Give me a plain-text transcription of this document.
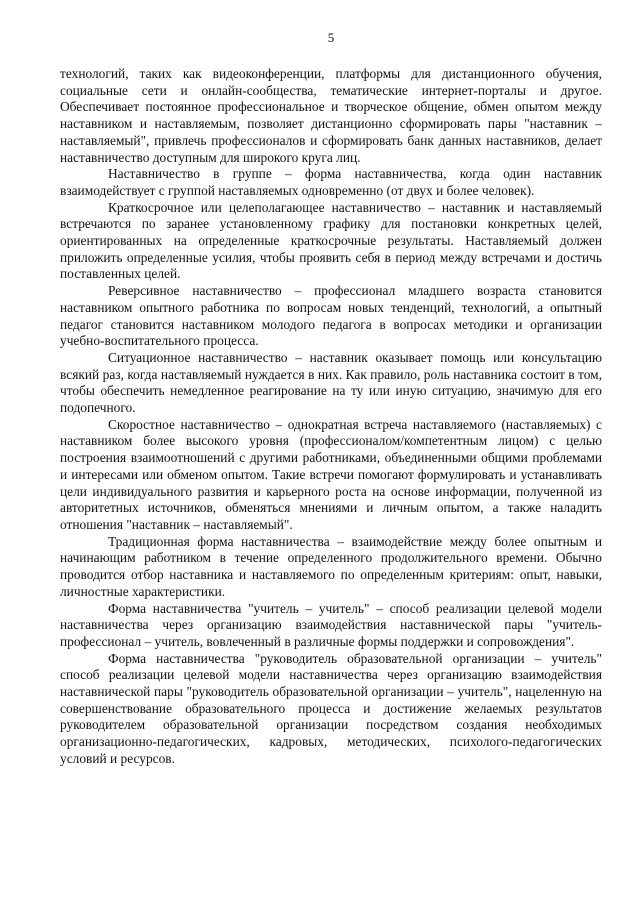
5

технологий, таких как видеоконференции, платформы для дистанционного обучения, социальные сети и онлайн-сообщества, тематические интернет-порталы и другое. Обеспечивает постоянное профессиональное и творческое общение, обмен опытом между наставником и наставляемым, позволяет дистанционно сформировать пары "наставник – наставляемый", привлечь профессионалов и сформировать банк данных наставников, делает наставничество доступным для широкого круга лиц.

Наставничество в группе – форма наставничества, когда один наставник взаимодействует с группой наставляемых одновременно (от двух и более человек).

Краткосрочное или целеполагающее наставничество – наставник и наставляемый встречаются по заранее установленному графику для постановки конкретных целей, ориентированных на определенные краткосрочные результаты. Наставляемый должен приложить определенные усилия, чтобы проявить себя в период между встречами и достичь поставленных целей.

Реверсивное наставничество – профессионал младшего возраста становится наставником опытного работника по вопросам новых тенденций, технологий, а опытный педагог становится наставником молодого педагога в вопросах методики и организации учебно-воспитательного процесса.

Ситуационное наставничество – наставник оказывает помощь или консультацию всякий раз, когда наставляемый нуждается в них. Как правило, роль наставника состоит в том, чтобы обеспечить немедленное реагирование на ту или иную ситуацию, значимую для его подопечного.

Скоростное наставничество – однократная встреча наставляемого (наставляемых) с наставником более высокого уровня (профессионалом/компетентным лицом) с целью построения взаимоотношений с другими работниками, объединенными общими проблемами и интересами или обменом опытом. Такие встречи помогают формулировать и устанавливать цели индивидуального развития и карьерного роста на основе информации, полученной из авторитетных источников, обменяться мнениями и личным опытом, а также наладить отношения "наставник – наставляемый".

Традиционная форма наставничества – взаимодействие между более опытным и начинающим работником в течение определенного продолжительного времени. Обычно проводится отбор наставника и наставляемого по определенным критериям: опыт, навыки, личностные характеристики.

Форма наставничества "учитель – учитель" – способ реализации целевой модели наставничества через организацию взаимодействия наставнической пары "учитель-профессионал – учитель, вовлеченный в различные формы поддержки и сопровождения".

Форма наставничества "руководитель образовательной организации – учитель" способ реализации целевой модели наставничества через организацию взаимодействия наставнической пары "руководитель образовательной организации – учитель", нацеленную на совершенствование образовательного процесса и достижение желаемых результатов руководителем образовательной организации посредством создания необходимых организационно-педагогических, кадровых, методических, психолого-педагогических условий и ресурсов.
